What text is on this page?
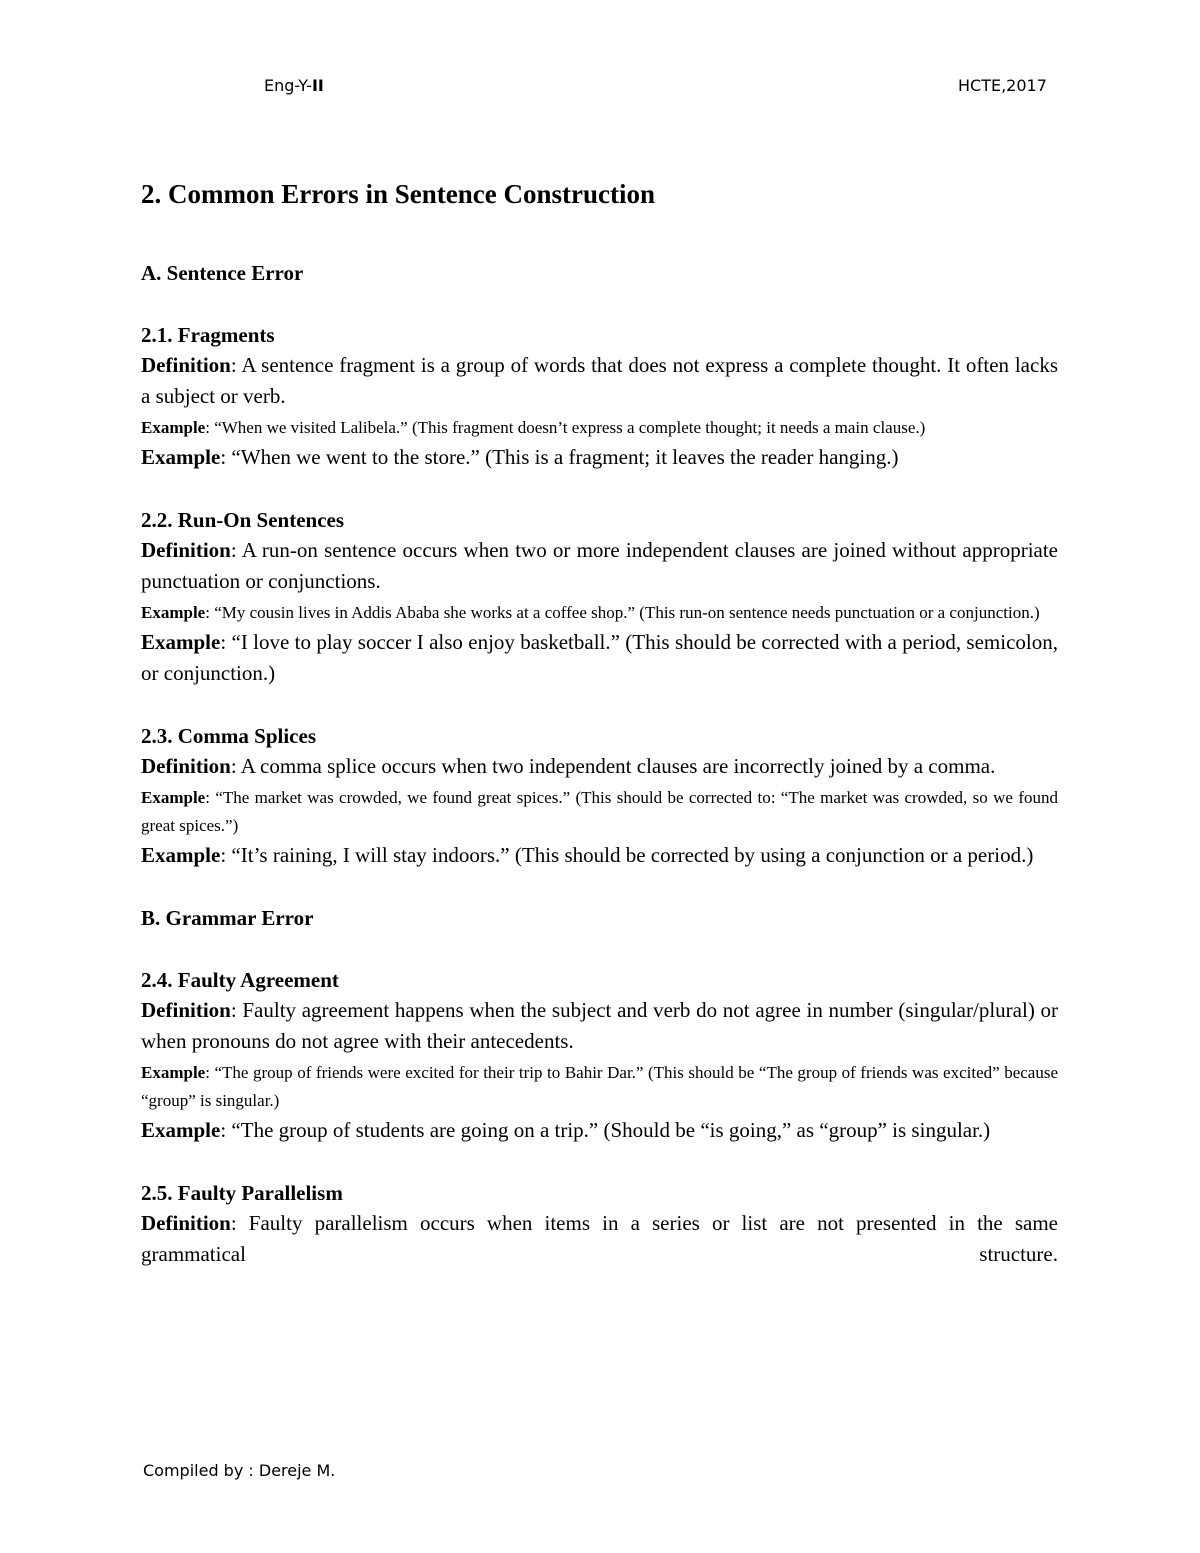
Eng-Y-II	HCTE,2017
2. Common Errors in Sentence Construction

A. Sentence Error

2.1. Fragments

Definition: A sentence fragment is a group of words that does not express a complete thought. It often lacks a subject or verb.

Example: “When we visited Lalibela.” (This fragment doesn’t express a complete thought; it needs a main clause.)

Example: “When we went to the store.” (This is a fragment; it leaves the reader hanging.)

2.2. Run-On Sentences

Definition: A run-on sentence occurs when two or more independent clauses are joined without appropriate punctuation or conjunctions.

Example: “My cousin lives in Addis Ababa she works at a coffee shop.” (This run-on sentence needs punctuation or a conjunction.)

Example: “I love to play soccer I also enjoy basketball.” (This should be corrected with a period, semicolon, or conjunction.)

2.3. Comma Splices

Definition: A comma splice occurs when two independent clauses are incorrectly joined by a comma.

Example: “The market was crowded, we found great spices.” (This should be corrected to: “The market was crowded, so we found great spices.”)

Example: “It’s raining, I will stay indoors.” (This should be corrected by using a conjunction or a period.)

B. Grammar Error

2.4. Faulty Agreement

Definition: Faulty agreement happens when the subject and verb do not agree in number (singular/plural) or when pronouns do not agree with their antecedents.

Example: “The group of friends were excited for their trip to Bahir Dar.” (This should be “The group of friends was excited” because “group” is singular.)

Example: “The group of students are going on a trip.” (Should be “is going,” as “group” is singular.)

2.5. Faulty Parallelism

Definition: Faulty parallelism occurs when items in a series or list are not presented in the same grammatical structure.

Compiled by : Dereje M.
